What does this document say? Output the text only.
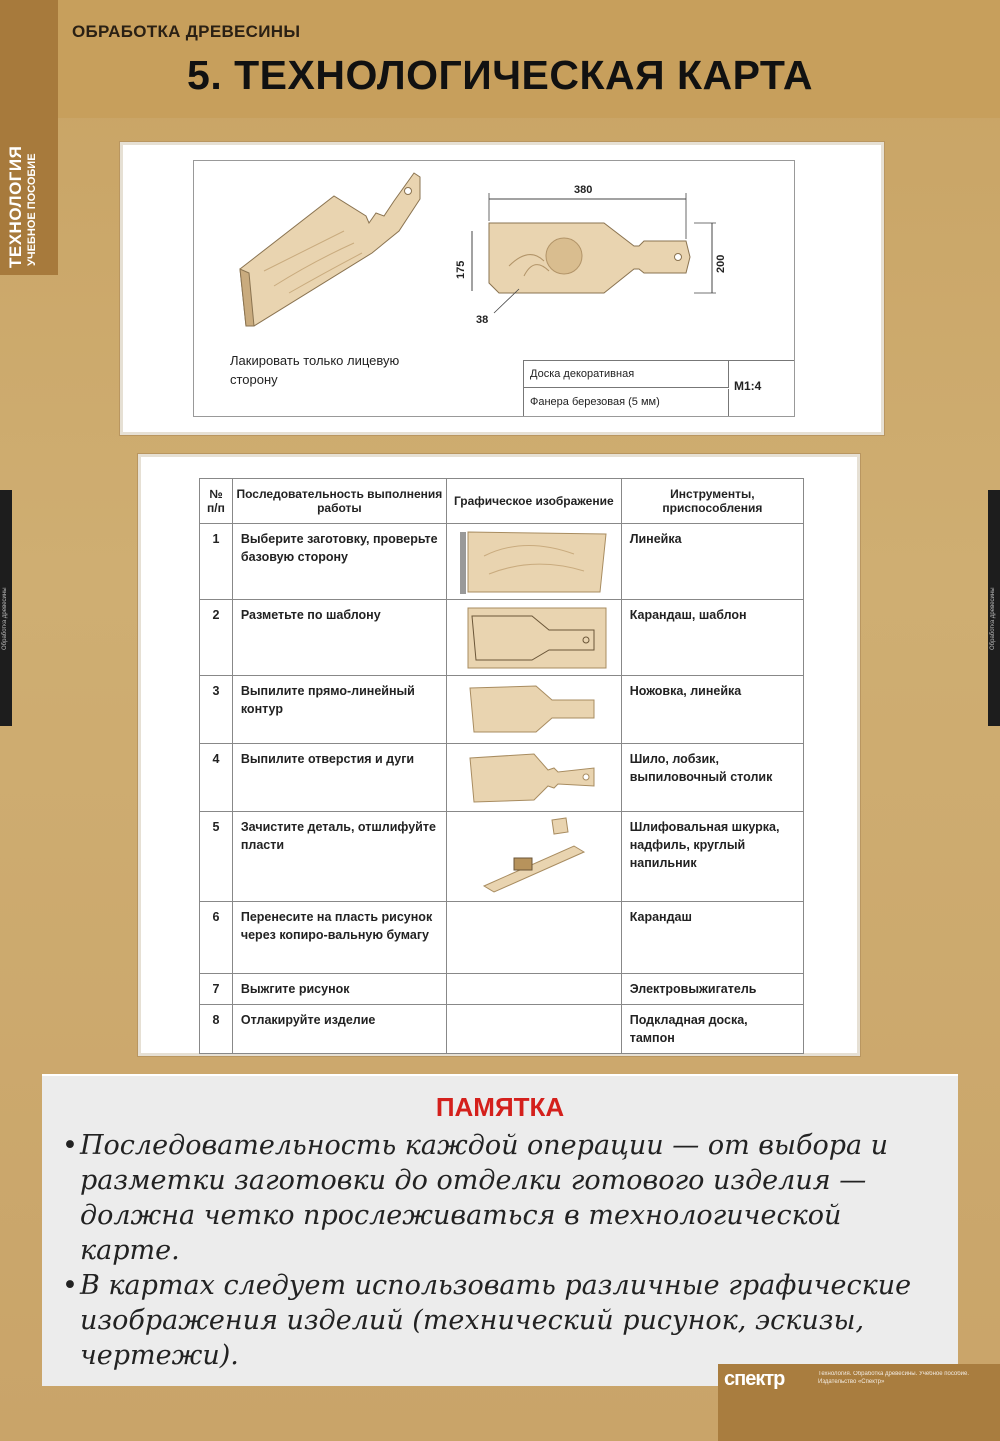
ТЕХНОЛОГИЯ УЧЕБНОЕ ПОСОБИЕ
Обработка древесины	Обработка древесины
ОБРАБОТКА ДРЕВЕСИНЫ
5. ТЕХНОЛОГИЧЕСКАЯ КАРТА
380
175	200
38
Лакировать только лицевую сторону	Доска декоративная
Фанера березовая (5 мм)
М1:4
№ п/п	Последовательность выполнения работы	Графическое изображение	Инструменты, приспособления
1	Выберите заготовку, проверьте базовую сторону		Линейка
2	Разметьте по шаблону		Карандаш, шаблон
3	Выпилите прямо-линейный контур		Ножовка, линейка
4	Выпилите отверстия и дуги		Шило, лобзик, выпиловочный столик
5	Зачистите деталь, отшлифуйте пласти		Шлифовальная шкурка, надфиль, круглый напильник
6	Перенесите на пласть рисунок через копиро-вальную бумагу		Карандаш
7	Выжгите рисунок		Электровыжигатель
8	Отлакируйте изделие		Подкладная доска, тампон
ПАМЯТКА
• Последовательность каждой операции — от выбора и разметки заготовки до отделки готового изделия — должна четко прослеживаться в технологической карте.
• В картах следует использовать различные графические изображения изделий (технический рисунок, эскизы, чертежи).
спектр	Технология. Обработка древесины. Учебное пособие. Издательство «Спектр»
